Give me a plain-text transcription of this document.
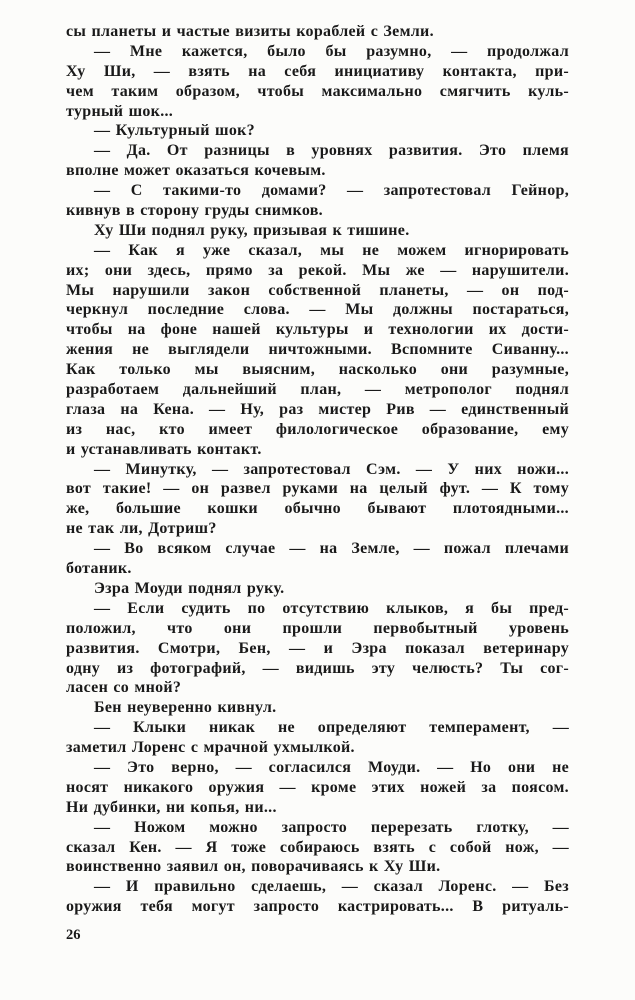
сы планеты и частые визиты кораблей с Земли.
— Мне кажется, было бы разумно, — продолжал
Ху Ши, — взять на себя инициативу контакта, при-
чем таким образом, чтобы максимально смягчить куль-
турный шок...
— Культурный шок?
— Да. От разницы в уровнях развития. Это племя
вполне может оказаться кочевым.
— С такими-то домами? — запротестовал Гейнор,
кивнув в сторону груды снимков.
Ху Ши поднял руку, призывая к тишине.
— Как я уже сказал, мы не можем игнорировать
их; они здесь, прямо за рекой. Мы же — нарушители.
Мы нарушили закон собственной планеты, — он под-
черкнул последние слова. — Мы должны постараться,
чтобы на фоне нашей культуры и технологии их дости-
жения не выглядели ничтожными. Вспомните Сиванну...
Как только мы выясним, насколько они разумные,
разработаем дальнейший план, — метрополог поднял
глаза на Кена. — Ну, раз мистер Рив — единственный
из нас, кто имеет филологическое образование, ему
и устанавливать контакт.
— Минутку, — запротестовал Сэм. — У них ножи...
вот такие! — он развел руками на целый фут. — К тому
же, большие кошки обычно бывают плотоядными...
не так ли, Дотриш?
— Во всяком случае — на Земле, — пожал плечами
ботаник.
Эзра Моуди поднял руку.
— Если судить по отсутствию клыков, я бы пред-
положил, что они прошли первобытный уровень
развития. Смотри, Бен, — и Эзра показал ветеринару
одну из фотографий, — видишь эту челюсть? Ты сог-
ласен со мной?
Бен неуверенно кивнул.
— Клыки никак не определяют темперамент, —
заметил Лоренс с мрачной ухмылкой.
— Это верно, — согласился Моуди. — Но они не
носят никакого оружия — кроме этих ножей за поясом.
Ни дубинки, ни копья, ни...
— Ножом можно запросто перерезать глотку, —
сказал Кен. — Я тоже собираюсь взять с собой нож, —
воинственно заявил он, поворачиваясь к Ху Ши.
— И правильно сделаешь, — сказал Лоренс. — Без
оружия тебя могут запросто кастрировать... В ритуаль-
26
